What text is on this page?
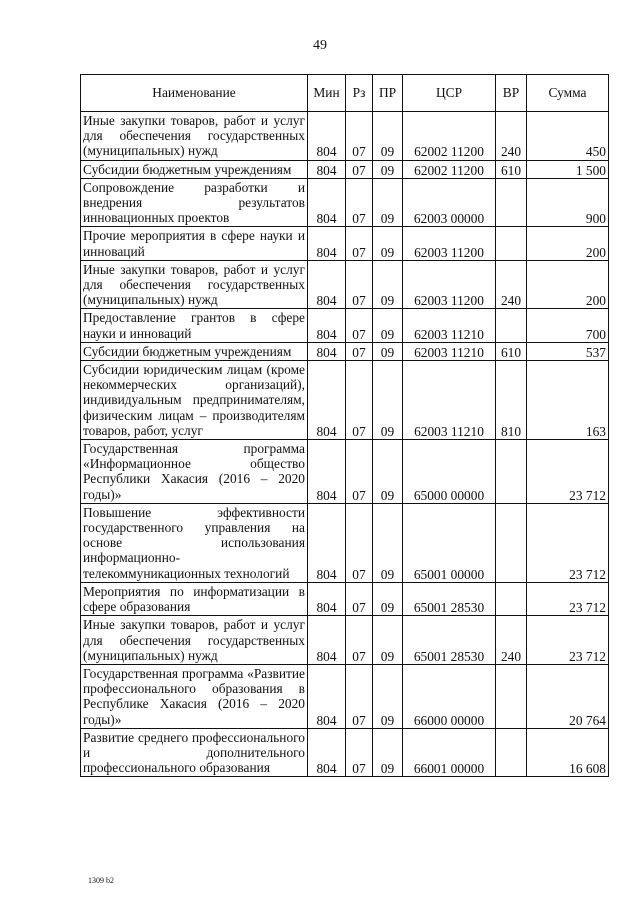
49
Наименование	Мин	Рз	ПР	ЦСР	ВР	Сумма
Иные закупки товаров, работ и услуг для обеспечения государственных (муниципальных) нужд	804	07	09	62002 11200	240	450
Субсидии бюджетным учреждениям	804	07	09	62002 11200	610	1 500
Сопровождение разработки и внедрения результатов инновационных проектов	804	07	09	62003 00000		900
Прочие мероприятия в сфере науки и инноваций	804	07	09	62003 11200		200
Иные закупки товаров, работ и услуг для обеспечения государственных (муниципальных) нужд	804	07	09	62003 11200	240	200
Предоставление грантов в сфере науки и инноваций	804	07	09	62003 11210		700
Субсидии бюджетным учреждениям	804	07	09	62003 11210	610	537
Субсидии юридическим лицам (кроме некоммерческих организаций), индивидуальным предпринимателям, физическим лицам – производителям товаров, работ, услуг	804	07	09	62003 11210	810	163
Государственная программа «Информационное общество Республики Хакасия (2016 – 2020 годы)»	804	07	09	65000 00000		23 712
Повышение эффективности государственного управления на основе использования информационно-телекоммуникационных технологий	804	07	09	65001 00000		23 712
Мероприятия по информатизации в сфере образования	804	07	09	65001 28530		23 712
Иные закупки товаров, работ и услуг для обеспечения государственных (муниципальных) нужд	804	07	09	65001 28530	240	23 712
Государственная программа «Развитие профессионального образования в Республике Хакасия (2016 – 2020 годы)»	804	07	09	66000 00000		20 764
Развитие среднего профессионального и дополнительного профессионального образования	804	07	09	66001 00000		16 608
1309 b2
